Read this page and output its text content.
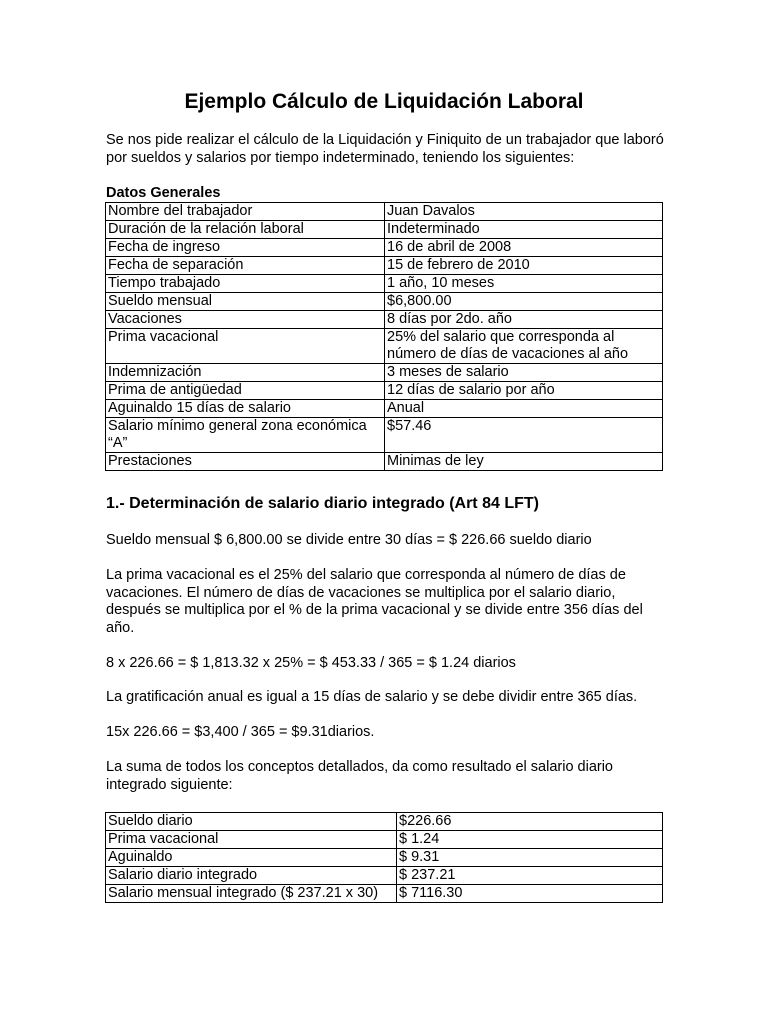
Ejemplo Cálculo de Liquidación Laboral

Se nos pide realizar el cálculo de la Liquidación y Finiquito de un trabajador que laboró por sueldos y salarios por tiempo indeterminado, teniendo los siguientes:

Datos Generales

Nombre del trabajador	Juan Davalos
Duración de la relación laboral	Indeterminado
Fecha de ingreso	16 de abril de 2008
Fecha de separación	15 de febrero de 2010
Tiempo trabajado	1 año, 10 meses
Sueldo mensual	$6,800.00
Vacaciones	8 días por 2do. año
Prima vacacional	25% del salario que corresponda al número de días de vacaciones al año
Indemnización	3 meses de salario
Prima de antigüedad	12 días de salario por año
Aguinaldo 15 días de salario	Anual
Salario mínimo general zona económica “A”	$57.46
Prestaciones	Minimas de ley
1.- Determinación de salario diario integrado (Art 84 LFT)

Sueldo mensual $ 6,800.00 se divide entre 30 días = $ 226.66 sueldo diario

La prima vacacional es el 25% del salario que corresponda al número de días de vacaciones. El número de días de vacaciones se multiplica por el salario diario, después se multiplica por el % de la prima vacacional y se divide entre 356 días del año.

8 x 226.66 = $ 1,813.32 x 25% = $ 453.33 / 365 = $ 1.24 diarios

La gratificación anual es igual a 15 días de salario y se debe dividir entre 365 días.

15x 226.66 = $3,400 / 365 = $9.31diarios.

La suma de todos los conceptos detallados, da como resultado el salario diario integrado siguiente:

Sueldo diario	$226.66
Prima vacacional	$ 1.24
Aguinaldo	$ 9.31
Salario diario integrado	$ 237.21
Salario mensual integrado ($ 237.21 x 30)	$ 7116.30
